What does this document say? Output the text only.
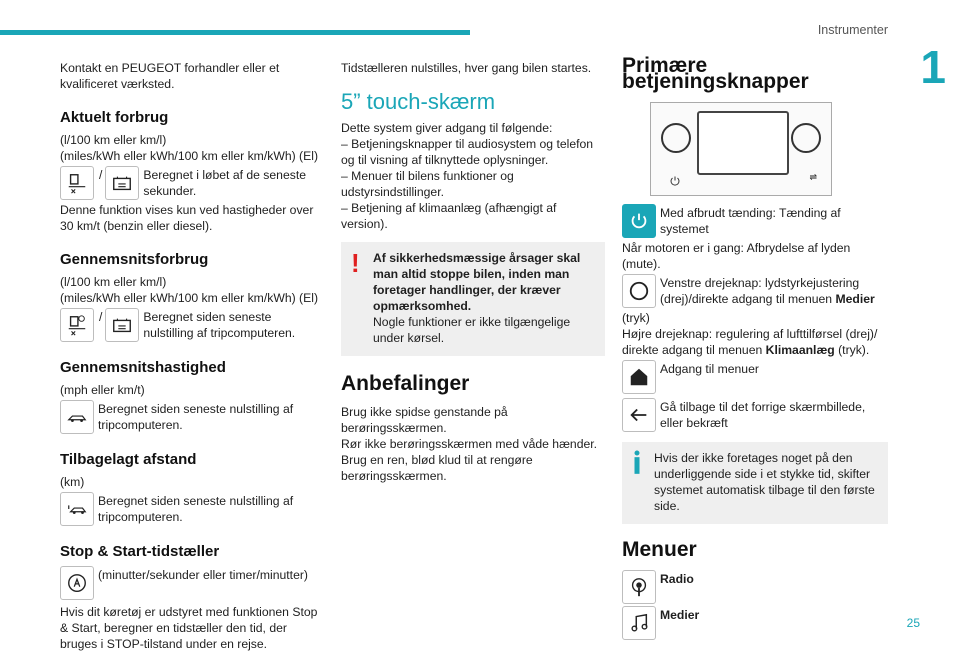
Instrumenter
1
25

Kontakt en PEUGEOT forhandler eller et kvalificeret værksted.

Aktuelt forbrug

(l/100 km eller km/l)
(miles/kWh eller kWh/100 km eller km/kWh) (El)

/	Beregnet i løbet af de seneste sekunder.

Denne funktion vises kun ved hastigheder over 30 km/t (benzin eller diesel).

Gennemsnitsforbrug

(l/100 km eller km/l)
(miles/kWh eller kWh/100 km eller km/kWh) (El)

/	Beregnet siden seneste nulstilling af tripcomputeren.
Gennemsnitshastighed

(mph eller km/t)

Beregnet siden seneste nulstilling af tripcomputeren.
Tilbagelagt afstand

(km)

Beregnet siden seneste nulstilling af tripcomputeren.
Stop & Start-tidstæller
(minutter/sekunder eller timer/minutter)

Hvis dit køretøj er udstyret med funktionen Stop & Start, beregner en tidstæller den tid, der bruges i STOP-tilstand under en rejse.

Tidstælleren nulstilles, hver gang bilen startes.

5” touch-skærm

Dette system giver adgang til følgende:

– Betjeningsknapper til audiosystem og telefon og til visning af tilknyttede oplysninger.

– Menuer til bilens funktioner og udstyrsindstillinger.

– Betjening af klimaanlæg (afhængigt af version).

!	Af sikkerhedsmæssige årsager skal man altid stoppe bilen, inden man foretager handlinger, der kræver opmærksomhed.

Nogle funktioner er ikke tilgængelige under kørsel.

Anbefalinger

Brug ikke spidse genstande på berøringsskærmen.
Rør ikke berøringsskærmen med våde hænder.
Brug en ren, blød klud til at rengøre berøringsskærmen.

Primære betjeningsknapper
⇌
Med afbrudt tænding: Tænding af systemet

Når motoren er i gang: Afbrydelse af lyden (mute).

Venstre drejeknap: lydstyrkejustering (drej)/direkte adgang til menuen Medier

(tryk)

Højre drejeknap: regulering af lufttilførsel (drej)/ direkte adgang til menuen Klimaanlæg (tryk).

Adgang til menuer
Gå tilbage til det forrige skærmbillede, eller bekræft

Hvis der ikke foretages noget på den underliggende side i et stykke tid, skifter systemet automatisk tilbage til den første side.

Menuer
Radio
Medier
